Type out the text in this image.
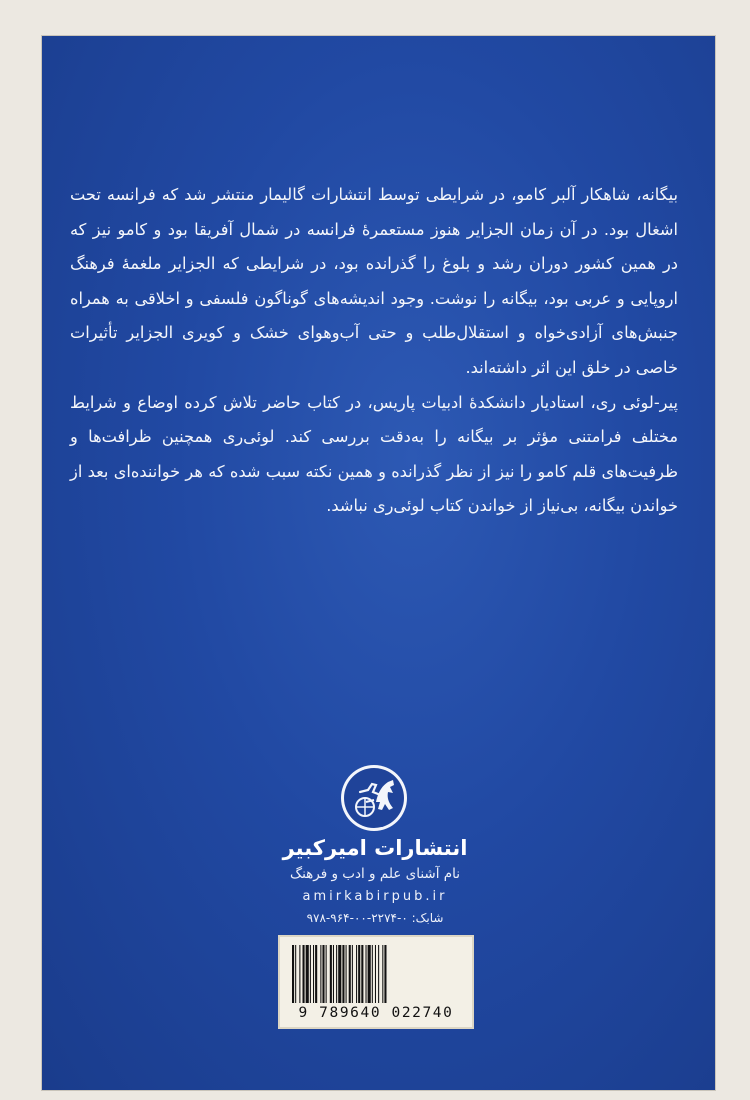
بیگانه، شاهکار آلبر کامو، در شرایطی توسط انتشارات گالیمار منتشر شد که فرانسه تحت اشغال بود. در آن زمان الجزایر هنوز مستعمرهٔ فرانسه در شمال آفریقا بود و کامو نیز که در همین کشور دوران رشد و بلوغ را گذرانده بود، در شرایطی که الجزایر ملغمهٔ فرهنگ اروپایی و عربی بود، بیگانه را نوشت. وجود اندیشه‌های گوناگون فلسفی و اخلاقی به همراه جنبش‌های آزادی‌خواه و استقلال‌طلب و حتی آب‌وهوای خشک و کویری الجزایر تأثیرات خاصی در خلق این اثر داشته‌اند.

پیر-لوئی ری، استادیار دانشکدهٔ ادبیات پاریس، در کتاب حاضر تلاش کرده اوضاع و شرایط مختلف فرامتنی مؤثر بر بیگانه را به‌دقت بررسی کند. لوئی‌ری همچنین ظرافت‌ها و ظرفیت‌های قلم کامو را نیز از نظر گذرانده و همین نکته سبب شده که هر خواننده‌ای بعد از خواندن بیگانه، بی‌نیاز از خواندن کتاب لوئی‌ری نباشد.

انتشارات امیرکبیر
نام آشنای علم و ادب و فرهنگ
amirkabirpub.ir
شابک: ۰-۲۲۷۴-۰۰-۹۶۴-۹۷۸
9 789640 022740
